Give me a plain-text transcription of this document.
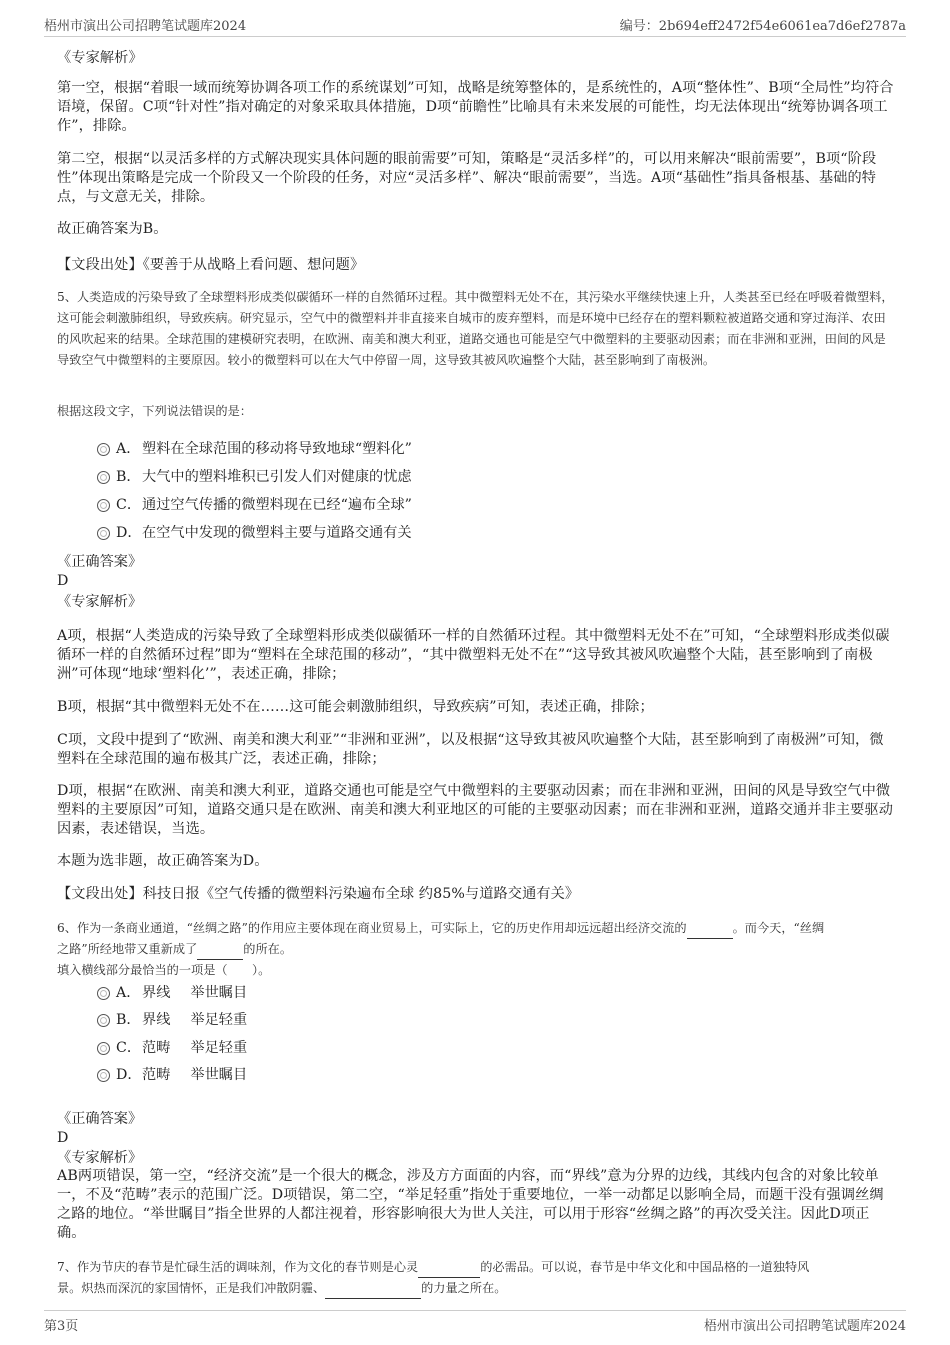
梧州市演出公司招聘笔试题库2024	编号：2b694eff2472f54e6061ea7d6ef2787a
《专家解析》
第一空，根据“着眼一域而统筹协调各项工作的系统谋划”可知，战略是统筹整体的，是系统性的，A项“整体性”、B项“全局性”均符合语境，保留。C项“针对性”指对确定的对象采取具体措施，D项“前瞻性”比喻具有未来发展的可能性，均无法体现出“统筹协调各项工作”，排除。
第二空，根据“以灵活多样的方式解决现实具体问题的眼前需要”可知，策略是“灵活多样”的，可以用来解决“眼前需要”，B项“阶段性”体现出策略是完成一个阶段又一个阶段的任务，对应“灵活多样”、解决“眼前需要”，当选。A项“基础性”指具备根基、基础的特点，与文意无关，排除。
故正确答案为B。
【文段出处】《要善于从战略上看问题、想问题》
5、人类造成的污染导致了全球塑料形成类似碳循环一样的自然循环过程。其中微塑料无处不在，其污染水平继续快速上升，人类甚至已经在呼吸着微塑料，这可能会刺激肺组织，导致疾病。研究显示，空气中的微塑料并非直接来自城市的废弃塑料，而是环境中已经存在的塑料颗粒被道路交通和穿过海洋、农田的风吹起来的结果。全球范围的建模研究表明，在欧洲、南美和澳大利亚，道路交通也可能是空气中微塑料的主要驱动因素；而在非洲和亚洲，田间的风是导致空气中微塑料的主要原因。较小的微塑料可以在大气中停留一周，这导致其被风吹遍整个大陆，甚至影响到了南极洲。
根据这段文字，下列说法错误的是：
A． 塑料在全球范围的移动将导致地球“塑料化”
B．大气中的塑料堆积已引发人们对健康的忧虑
C．通过空气传播的微塑料现在已经“遍布全球”
D．在空气中发现的微塑料主要与道路交通有关
《正确答案》
D
《专家解析》
A项，根据“人类造成的污染导致了全球塑料形成类似碳循环一样的自然循环过程。其中微塑料无处不在”可知，“全球塑料形成类似碳循环一样的自然循环过程”即为“塑料在全球范围的移动”，“其中微塑料无处不在”“这导致其被风吹遍整个大陆，甚至影响到了南极洲”可体现“地球‘塑料化’”，表述正确，排除；
B项，根据“其中微塑料无处不在……这可能会刺激肺组织，导致疾病”可知，表述正确，排除；
C项，文段中提到了“欧洲、南美和澳大利亚”“非洲和亚洲”，以及根据“这导致其被风吹遍整个大陆，甚至影响到了南极洲”可知，微塑料在全球范围的遍布极其广泛，表述正确，排除；
D项，根据“在欧洲、南美和澳大利亚，道路交通也可能是空气中微塑料的主要驱动因素；而在非洲和亚洲，田间的风是导致空气中微塑料的主要原因”可知，道路交通只是在欧洲、南美和澳大利亚地区的可能的主要驱动因素；而在非洲和亚洲，道路交通并非主要驱动因素，表述错误，当选。
本题为选非题，故正确答案为D。
【文段出处】科技日报《空气传播的微塑料污染遍布全球 约85%与道路交通有关》
6、作为一条商业通道，“丝绸之路”的作用应主要体现在商业贸易上，可实际上，它的历史作用却远远超出经济交流的	。而今天，“丝绸
之路”所经地带又重新成了	的所在。
填入横线部分最恰当的一项是（　　）。
A． 界线 举世瞩目
B．界线 举足轻重
C．范畴 举足轻重
D．范畴 举世瞩目
《正确答案》
D
《专家解析》
AB两项错误，第一空，“经济交流”是一个很大的概念，涉及方方面面的内容，而“界线”意为分界的边线，其线内包含的对象比较单一，不及“范畴”表示的范围广泛。D项错误，第二空，“举足轻重”指处于重要地位，一举一动都足以影响全局，而题干没有强调丝绸之路的地位。“举世瞩目”指全世界的人都注视着，形容影响很大为世人关注，可以用于形容“丝绸之路”的再次受关注。因此D项正确。
7、作为节庆的春节是忙碌生活的调味剂，作为文化的春节则是心灵	的必需品。可以说，春节是中华文化和中国品格的一道独特风
景。炽热而深沉的家国情怀，正是我们冲散阴霾、	的力量之所在。
第3页	梧州市演出公司招聘笔试题库2024
